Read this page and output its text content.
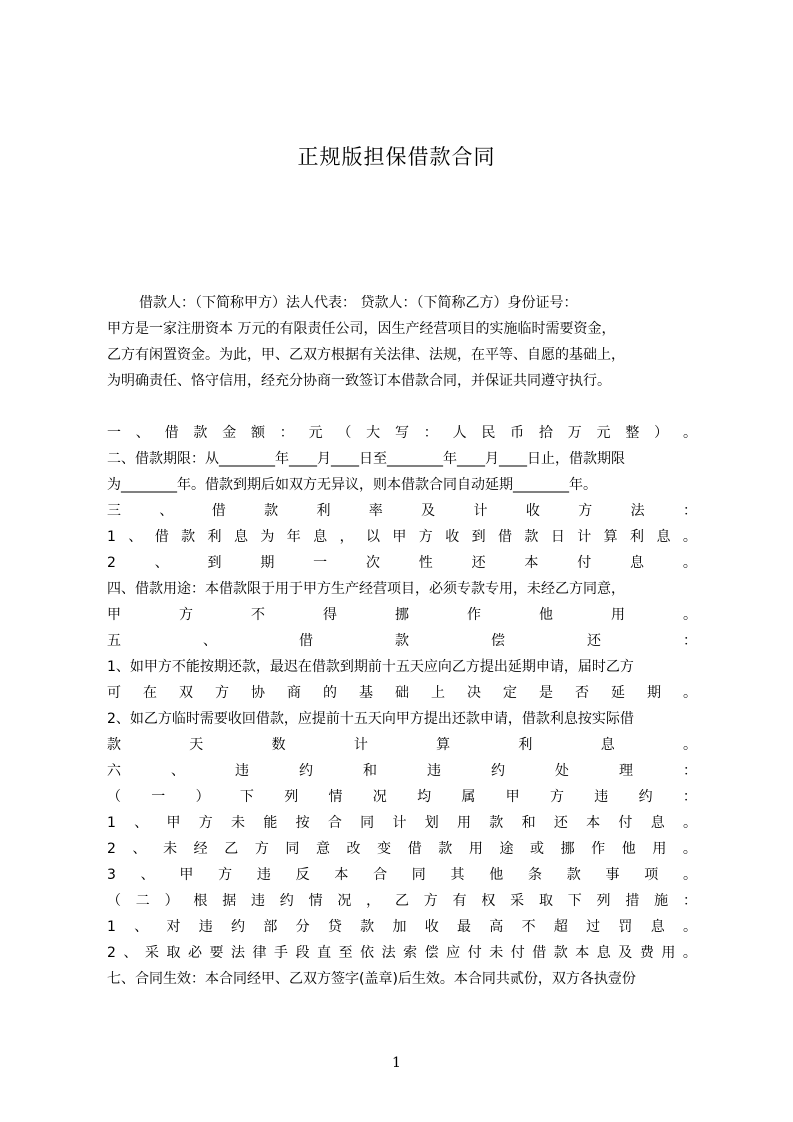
正规版担保借款合同
借款人：（下简称甲方）法人代表： 贷款人：（下简称乙方）身份证号：
甲方是一家注册资本 万元的有限责任公司，因生产经营项目的实施临时需要资金，
乙方有闲置资金。为此，甲、乙双方根据有关法律、法规，在平等、自愿的基础上，
为明确责任、恪守信用，经充分协商一致签订本借款合同，并保证共同遵守执行。
一 、 借 款 金 额 ： 元 （ 大 写 ： 人 民 币 拾 万 元 整 ） 。
二、借款期限：从________年____月____日至________年____月____日止，借款期限
为________年。借款到期后如双方无异议，则本借款合同自动延期________年。
三	、	借	款	利	率	及	计	收	方	法	：
1 、 借 款 利 息 为 年 息 ， 以 甲 方 收 到 借 款 日 计 算 利 息 。
2	、	到	期	一	次	性	还	本	付	息	。
四、借款用途：本借款限于用于甲方生产经营项目，必须专款专用，未经乙方同意，
甲	方	不	得	挪	作	他	用	。
五	、	借	款	偿	还	：
1、如甲方不能按期还款，最迟在借款到期前十五天应向乙方提出延期申请，届时乙方
可 在 双 方 协 商 的 基 础 上 决 定 是 否 延 期 。
2、如乙方临时需要收回借款，应提前十五天向甲方提出还款申请，借款利息按实际借
款	天	数	计	算	利	息	。
六	、	违	约	和	违	约	处	理	：
（ 一 ） 下 列 情 况 均 属 甲 方 违 约 ：
1 、 甲 方 未 能 按 合 同 计 划 用 款 和 还 本 付 息 。
2 、 未 经 乙 方 同 意 改 变 借 款 用 途 或 挪 作 他 用 。
3 、 甲 方 违 反 本 合 同 其 他 条 款 事 项 。
（ 二 ） 根 据 违 约 情 况 ， 乙 方 有 权 采 取 下 列 措 施 ：
1 、 对 违 约 部 分 贷 款 加 收 最 高 不 超 过 罚 息 。
2 、 采 取 必 要 法 律 手 段 直 至 依 法 索 偿 应 付 未 付 借 款 本 息 及 费 用 。
七、合同生效：本合同经甲、乙双方签字(盖章)后生效。本合同共贰份，双方各执壹份
1
